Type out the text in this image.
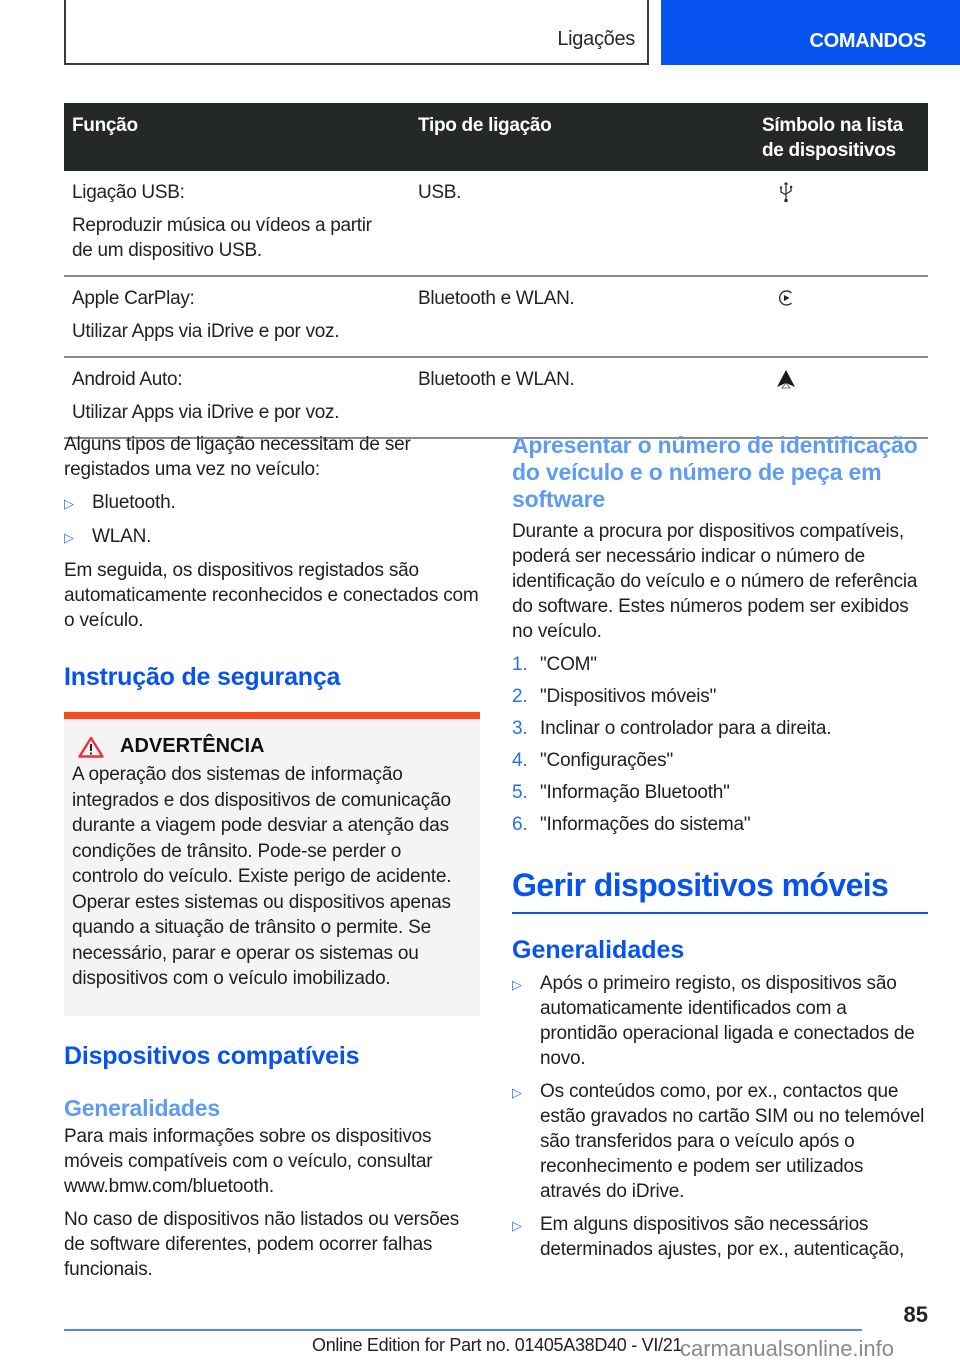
Ligações	COMANDOS
Função	Tipo de ligação	Símbolo na lista
de dispositivos

Ligação USB:

Reproduzir música ou vídeos a partir
de um dispositivo USB.	USB.	

Apple CarPlay:

Utilizar Apps via iDrive e por voz.	Bluetooth e WLAN.	

Android Auto:

Utilizar Apps via iDrive e por voz.	Bluetooth e WLAN.	

Alguns tipos de ligação necessitam de ser registados uma vez no veículo:

▷ Bluetooth.
▷ WLAN.

Em seguida, os dispositivos registados são automaticamente reconhecidos e conectados com o veículo.

Instrução de segurança
ADVERTÊNCIA

A operação dos sistemas de informação integrados e dos dispositivos de comunicação durante a viagem pode desviar a atenção das condições de trânsito. Pode-se perder o controlo do veículo. Existe perigo de acidente. Operar estes sistemas ou dispositivos apenas quando a situação de trânsito o permite. Se necessário, parar e operar os sistemas ou dispositivos com o veículo imobilizado.

Dispositivos compatíveis
Generalidades

Para mais informações sobre os dispositivos móveis compatíveis com o veículo, consultar www.bmw.com/bluetooth.

No caso de dispositivos não listados ou versões de software diferentes, podem ocorrer falhas funcionais.

Apresentar o número de identificação do veículo e o número de peça em software

Durante a procura por dispositivos compatíveis, poderá ser necessário indicar o número de identificação do veículo e o número de referência do software. Estes números podem ser exibidos no veículo.

1. "COM"
2. "Dispositivos móveis"
3. Inclinar o controlador para a direita.
4. "Configurações"
5. "Informação Bluetooth"
6. "Informações do sistema"
Gerir dispositivos móveis
Generalidades
▷ Após o primeiro registo, os dispositivos são automaticamente identificados com a prontidão operacional ligada e conectados de novo.
▷ Os conteúdos como, por ex., contactos que estão gravados no cartão SIM ou no telemóvel são transferidos para o veículo após o reconhecimento e podem ser utilizados através do iDrive.
▷ Em alguns dispositivos são necessários determinados ajustes, por ex., autenticação,
85
Online Edition for Part no. 01405A38D40 - VI/21
carmanualsonline.info
